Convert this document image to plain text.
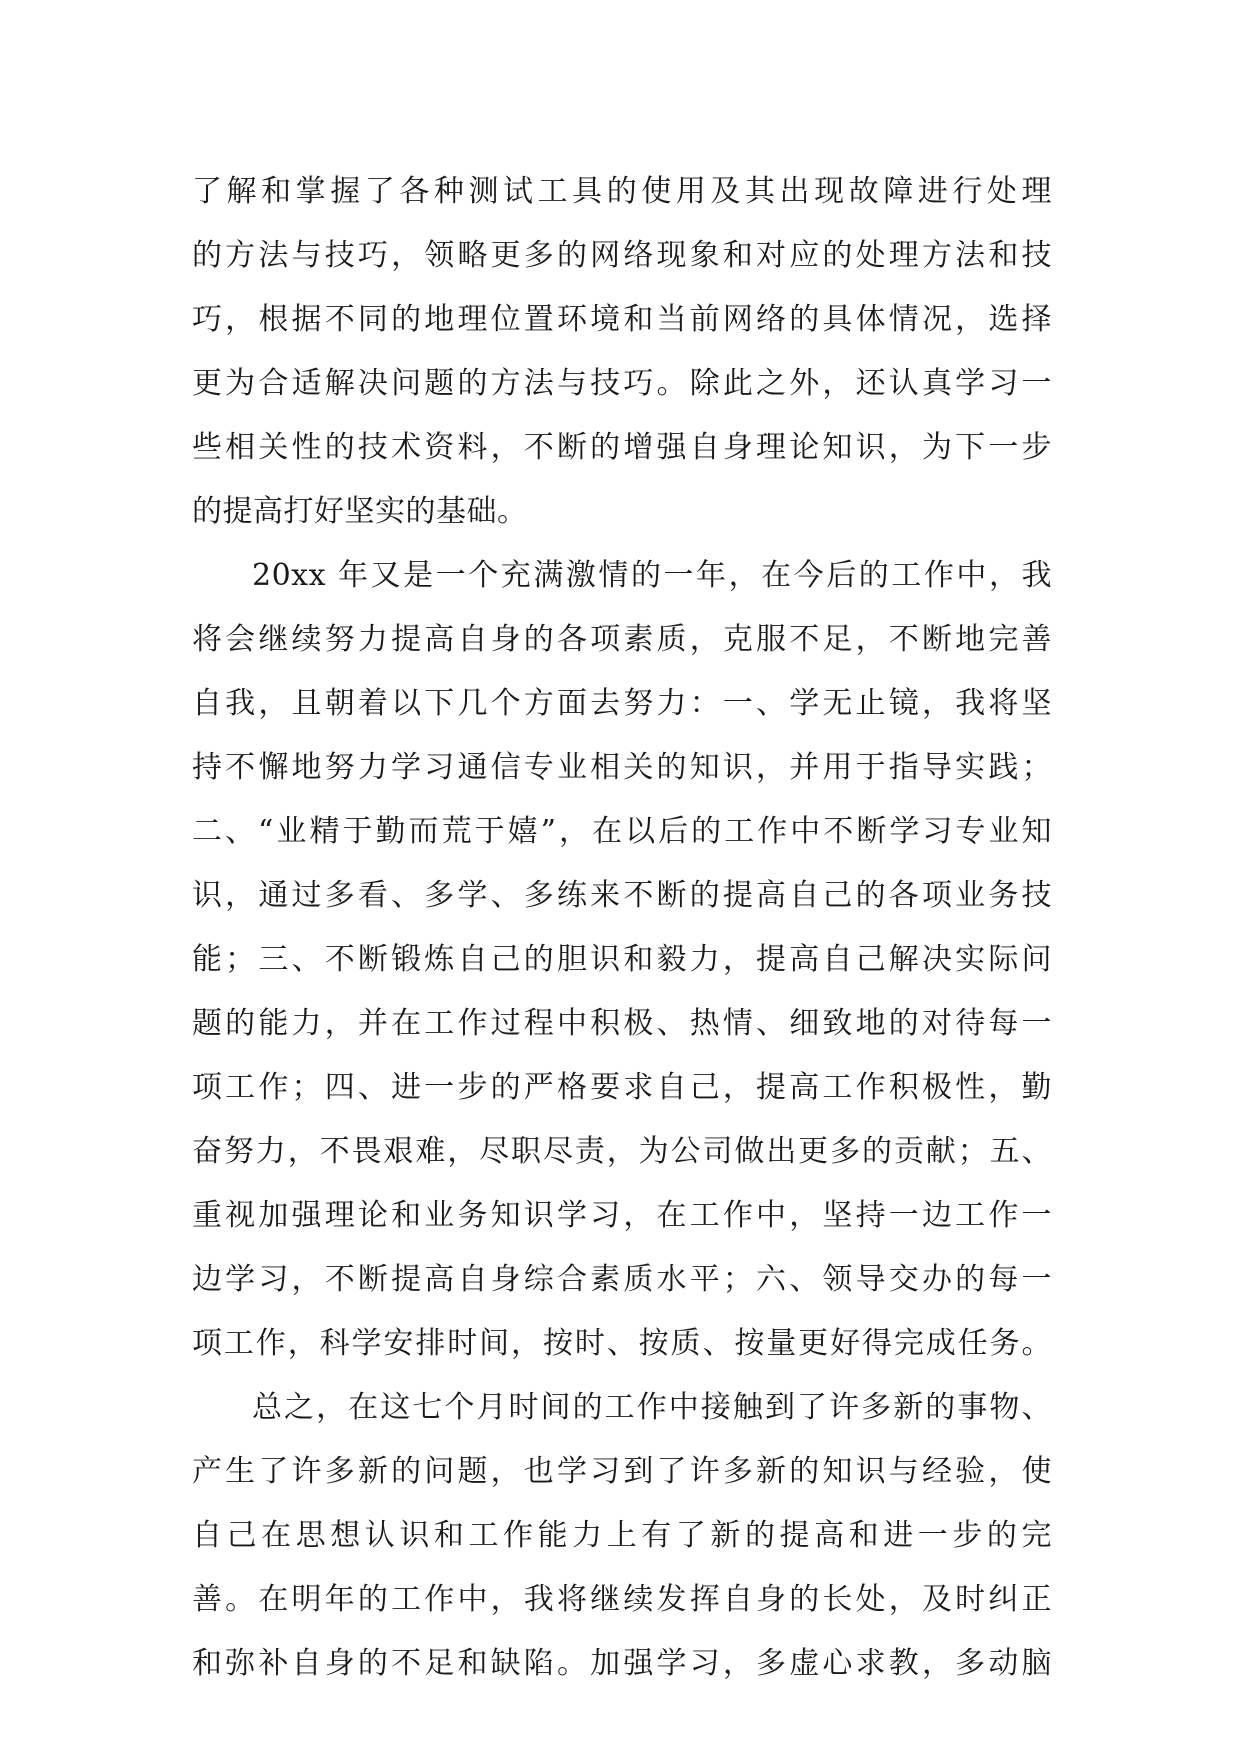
了解和掌握了各种测试工具的使用及其出现故障进行处理
的方法与技巧，领略更多的网络现象和对应的处理方法和技
巧，根据不同的地理位置环境和当前网络的具体情况，选择
更为合适解决问题的方法与技巧。除此之外，还认真学习一
些相关性的技术资料，不断的增强自身理论知识，为下一步
的提高打好坚实的基础。
20xx 年又是一个充满激情的一年，在今后的工作中，我
将会继续努力提高自身的各项素质，克服不足，不断地完善
自我，且朝着以下几个方面去努力：一、学无止镜，我将坚
持不懈地努力学习通信专业相关的知识，并用于指导实践；
二、“业精于勤而荒于嬉”，在以后的工作中不断学习专业知
识，通过多看、多学、多练来不断的提高自己的各项业务技
能；三、不断锻炼自己的胆识和毅力，提高自己解决实际问
题的能力，并在工作过程中积极、热情、细致地的对待每一
项工作；四、进一步的严格要求自己，提高工作积极性，勤
奋努力，不畏艰难，尽职尽责，为公司做出更多的贡献；五、
重视加强理论和业务知识学习，在工作中，坚持一边工作一
边学习，不断提高自身综合素质水平；六、领导交办的每一
项工作，科学安排时间，按时、按质、按量更好得完成任务。
总之，在这七个月时间的工作中接触到了许多新的事物、
产生了许多新的问题，也学习到了许多新的知识与经验，使
自己在思想认识和工作能力上有了新的提高和进一步的完
善。在明年的工作中，我将继续发挥自身的长处，及时纠正
和弥补自身的不足和缺陷。加强学习，多虚心求教，多动脑
